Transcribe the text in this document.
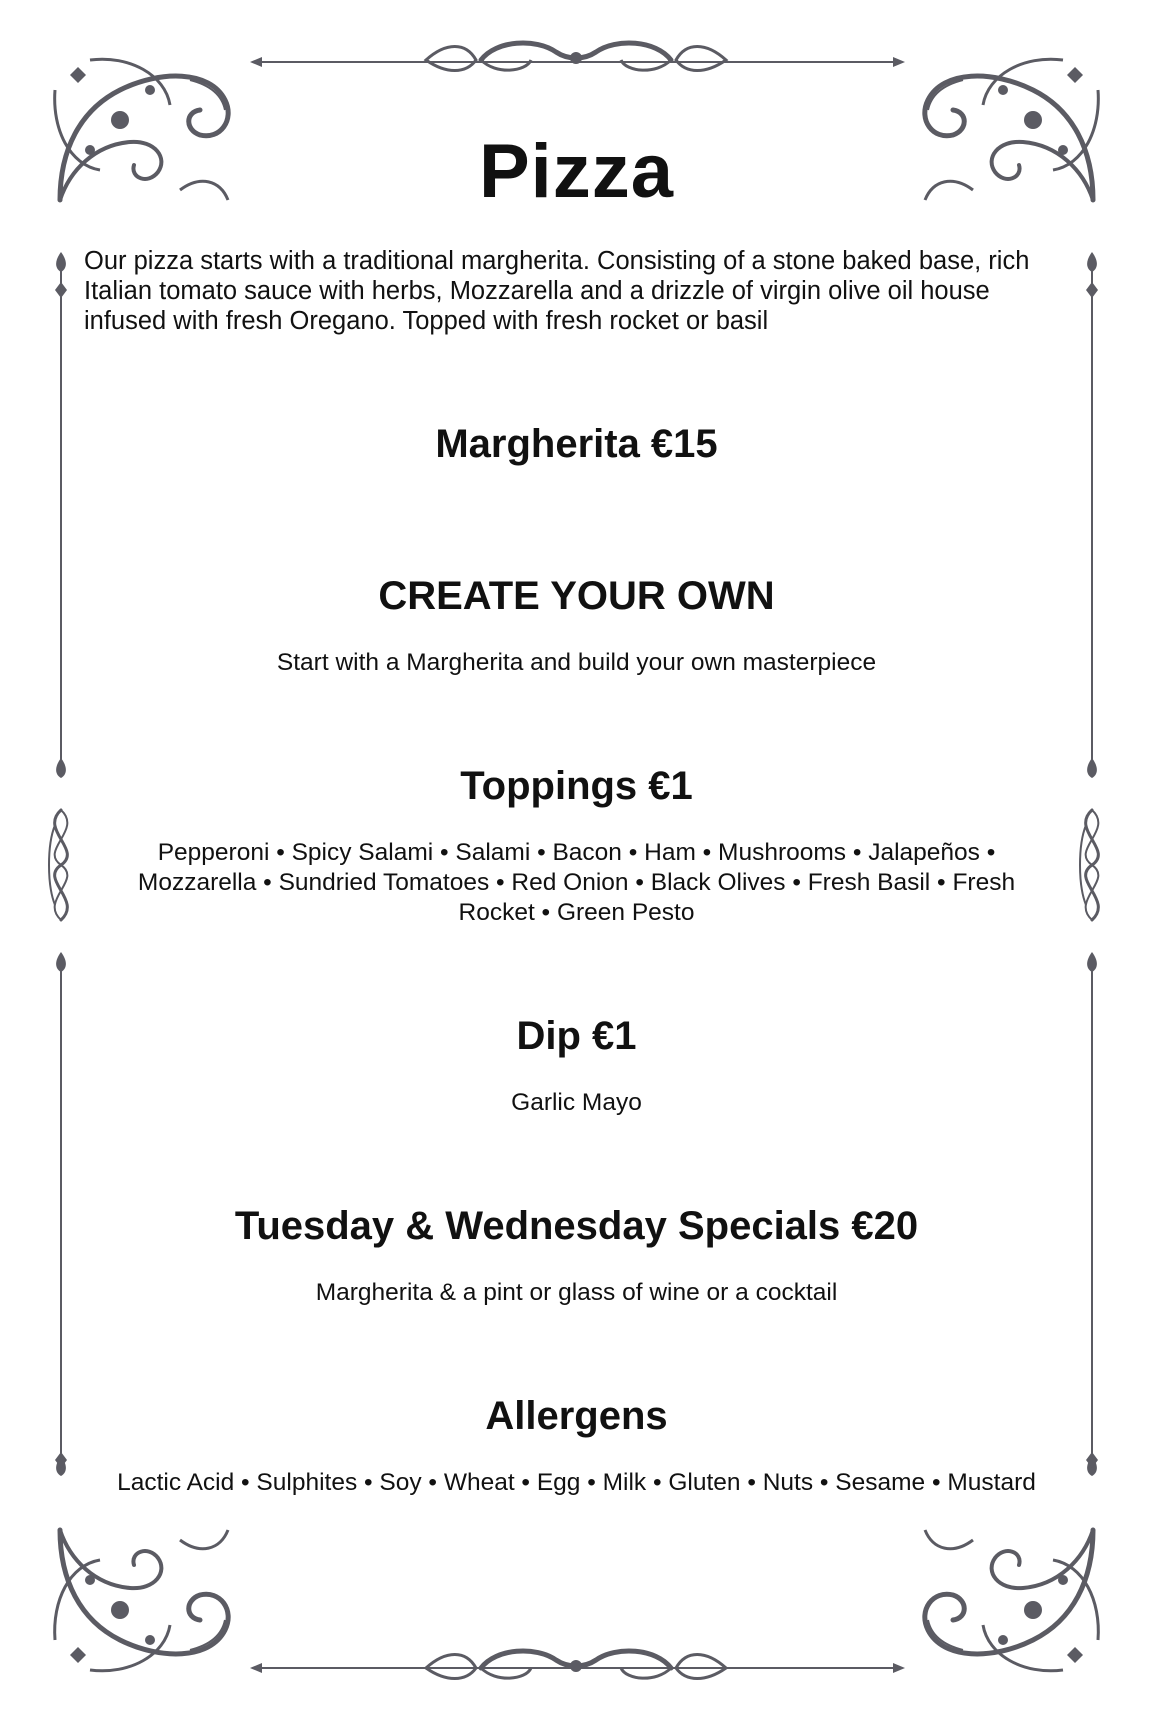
Pizza
Our pizza starts with a traditional margherita. Consisting of a stone baked base, rich Italian tomato sauce with herbs, Mozzarella and a drizzle of virgin olive oil house infused with fresh Oregano. Topped with fresh rocket or basil
Margherita €15
CREATE YOUR OWN
Start with a Margherita and build your own masterpiece
Toppings €1
Pepperoni • Spicy Salami • Salami • Bacon • Ham • Mushrooms • Jalapeños • Mozzarella • Sundried Tomatoes • Red Onion • Black Olives • Fresh Basil • Fresh Rocket • Green Pesto
Dip €1
Garlic Mayo
Tuesday & Wednesday Specials €20
Margherita & a pint or glass of wine or a cocktail
Allergens
Lactic Acid • Sulphites • Soy • Wheat • Egg • Milk • Gluten • Nuts • Sesame • Mustard
